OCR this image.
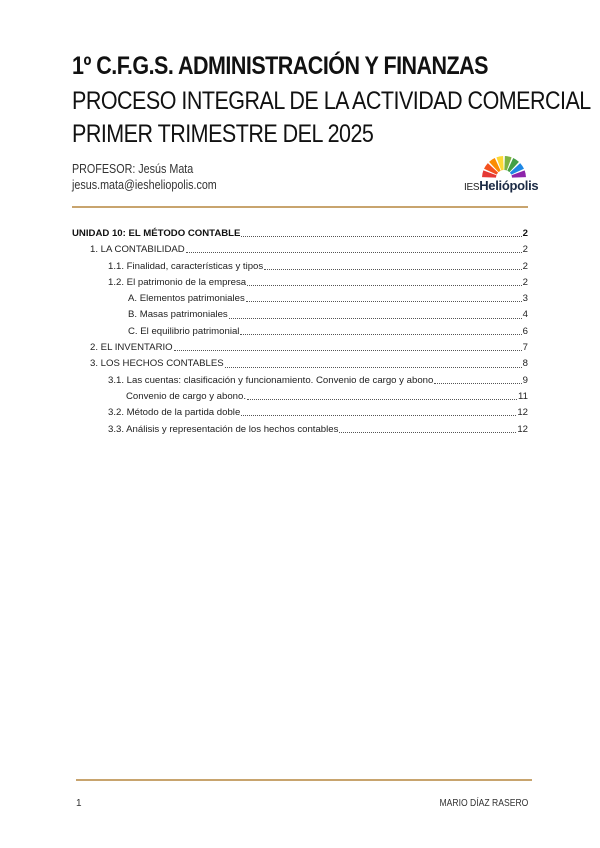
1º C.F.G.S. ADMINISTRACIÓN Y FINANZAS
PROCESO INTEGRAL DE LA ACTIVIDAD COMERCIAL
PRIMER TRIMESTRE DEL 2025
PROFESOR: Jesús Mata
jesus.mata@iesheliopolis.com	IESHeliópolis
UNIDAD 10: EL MÉTODO CONTABLE	2
1. LA CONTABILIDAD	2
1.1. Finalidad, características y tipos	2
1.2. El patrimonio de la empresa	2
A. Elementos patrimoniales	3
B. Masas patrimoniales	4
C. El equilibrio patrimonial	6
2. EL INVENTARIO	7
3. LOS HECHOS CONTABLES	8
3.1. Las cuentas: clasificación y funcionamiento. Convenio de cargo y abono	9
Convenio de cargo y abono.	11
3.2. Método de la partida doble	12
3.3. Análisis y representación de los hechos contables	12
1	MARIO DÍAZ RASERO
